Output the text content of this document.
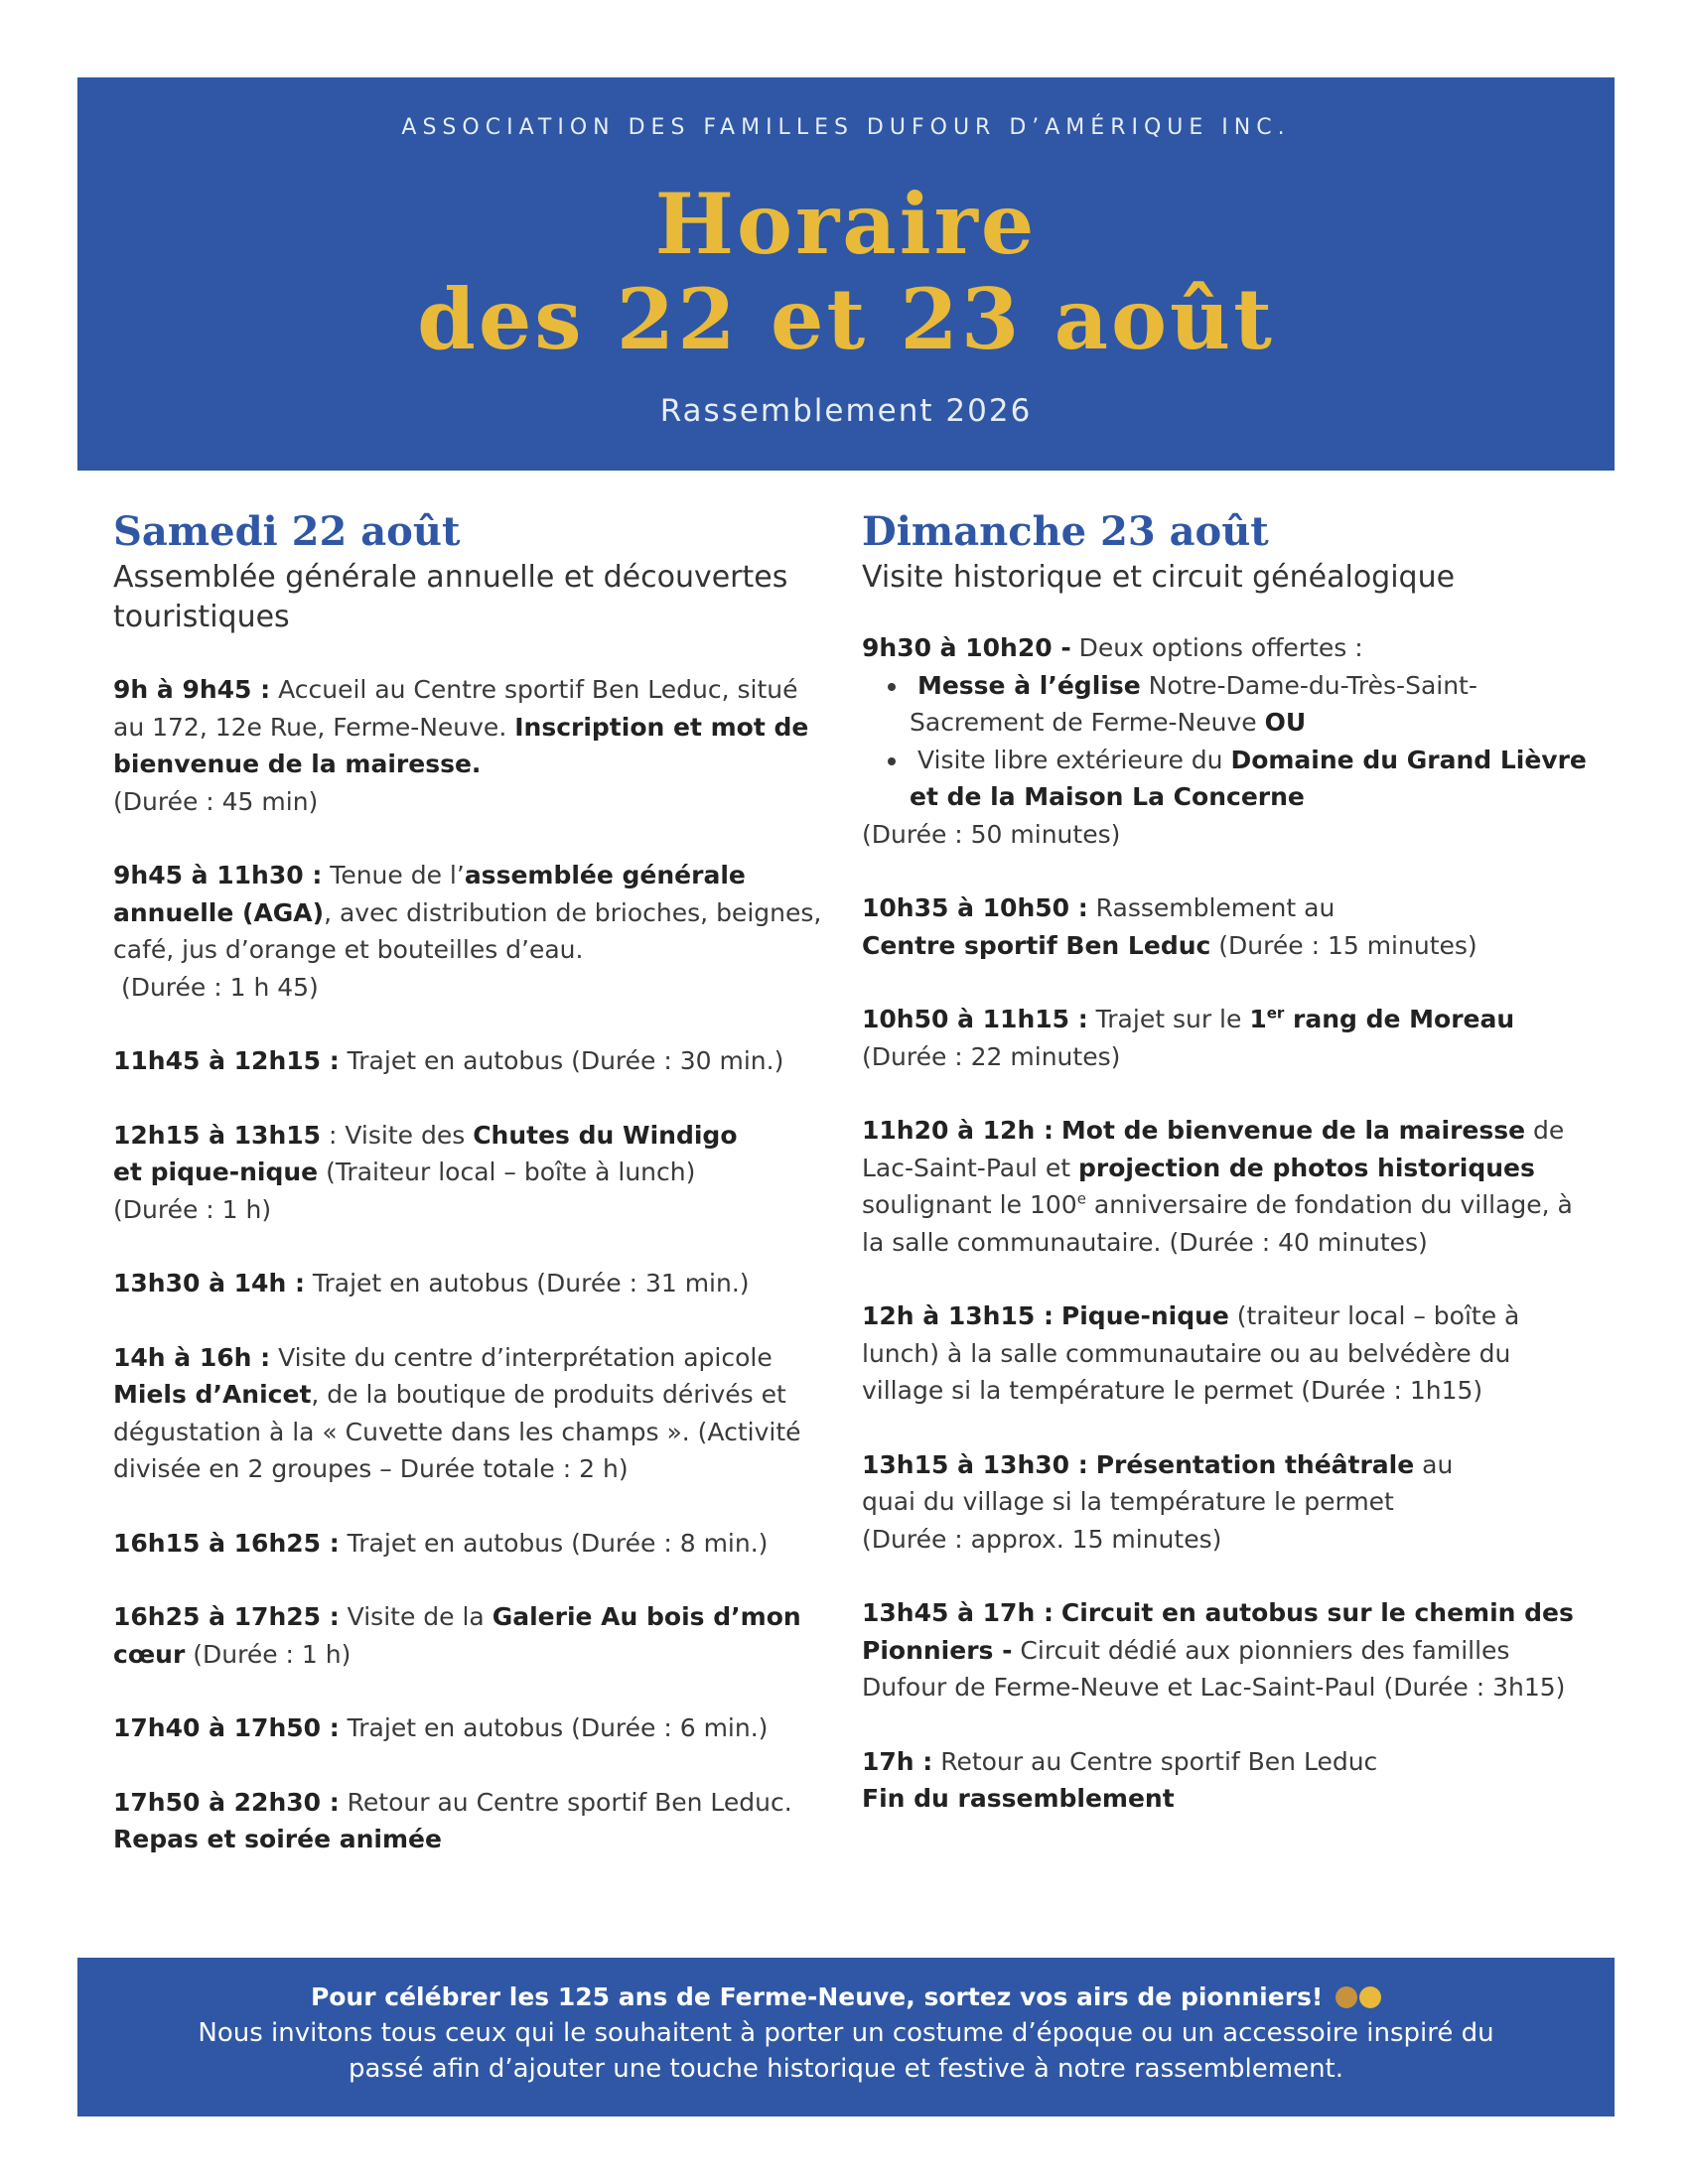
ASSOCIATION DES FAMILLES DUFOUR D’AMÉRIQUE INC.
Horaire
des 22 et 23 août
Rassemblement 2026
Samedi 22 août
Assemblée générale annuelle et découvertes touristiques

9h à 9h45 : Accueil au Centre sportif Ben Leduc, situé au 172, 12e Rue, Ferme-Neuve. Inscription et mot de bienvenue de la mairesse.
(Durée : 45 min)

9h45 à 11h30 : Tenue de l’assemblée générale annuelle (AGA), avec distribution de brioches, beignes, café, jus d’orange et bouteilles d’eau.
(Durée : 1 h 45)

11h45 à 12h15 : Trajet en autobus (Durée : 30 min.)

12h15 à 13h15 : Visite des Chutes du Windigo
et pique-nique (Traiteur local – boîte à lunch)
(Durée : 1 h)

13h30 à 14h : Trajet en autobus (Durée : 31 min.)

14h à 16h : Visite du centre d’interprétation apicole Miels d’Anicet, de la boutique de produits dérivés et dégustation à la « Cuvette dans les champs ». (Activité divisée en 2 groupes – Durée totale : 2 h)

16h15 à 16h25 : Trajet en autobus (Durée : 8 min.)

16h25 à 17h25 : Visite de la Galerie Au bois d’mon cœur (Durée : 1 h)

17h40 à 17h50 : Trajet en autobus (Durée : 6 min.)

17h50 à 22h30 : Retour au Centre sportif Ben Leduc.
Repas et soirée animée

Dimanche 23 août
Visite historique et circuit généalogique
9h30 à 10h20 - Deux options offertes :
• Messe à l’église Notre-Dame-du-Très-Saint-Sacrement de Ferme-Neuve OU
•  Visite libre extérieure du Domaine du Grand Lièvre et de la Maison La Concerne
(Durée : 50 minutes)

10h35 à 10h50 : Rassemblement au
Centre sportif Ben Leduc (Durée : 15 minutes)

10h50 à 11h15 : Trajet sur le 1er rang de Moreau
(Durée : 22 minutes)

11h20 à 12h : Mot de bienvenue de la mairesse de Lac-Saint-Paul et projection de photos historiques soulignant le 100e anniversaire de fondation du village, à la salle communautaire. (Durée : 40 minutes)

12h à 13h15 : Pique-nique (traiteur local – boîte à lunch) à la salle communautaire ou au belvédère du village si la température le permet (Durée : 1h15)

13h15 à 13h30 : Présentation théâtrale au
quai du village si la température le permet
(Durée : approx. 15 minutes)

13h45 à 17h : Circuit en autobus sur le chemin des Pionniers - Circuit dédié aux pionniers des familles Dufour de Ferme-Neuve et Lac-Saint-Paul (Durée : 3h15)

17h : Retour au Centre sportif Ben Leduc
Fin du rassemblement

Pour célébrer les 125 ans de Ferme-Neuve, sortez vos airs de pionniers!
Nous invitons tous ceux qui le souhaitent à porter un costume d’époque ou un accessoire inspiré du passé afin d’ajouter une touche historique et festive à notre rassemblement.
